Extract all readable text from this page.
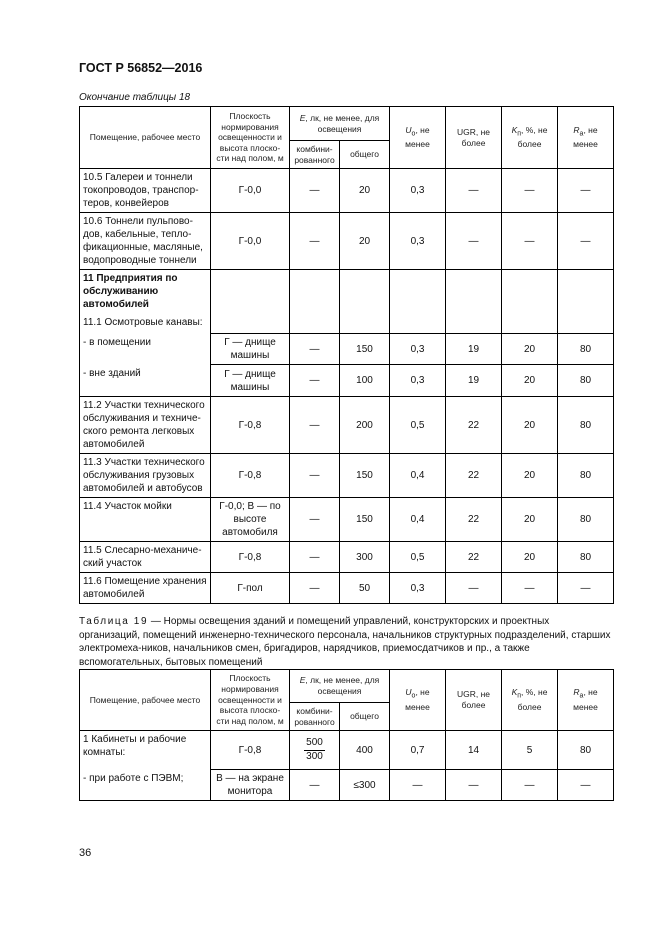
ГОСТ Р 56852—2016
Окончание таблицы 18
Помещение, рабочее место	Плоскость нормирования освещенности и высота плоско-сти над полом, м	E, лк, не менее, для освещения		$U_o$, не менее	UGR, не более	$K_п$, %, не более	$R_a$, не менее
		комбини-рованного	общего				
10.5 Галереи и тоннели токопроводов, транспор-теров, конвейеров	Г-0,0	—	20	0,3	—	—	—
10.6 Тоннели пульпово-дов, кабельные, тепло-фикационные, масляные, водопроводные тоннели	Г-0,0	—	20	0,3	—	—	—

11 Предприятия по обслуживанию автомобилей
11.1 Осмотровые канавы:							

- в помещении	Г — днище машины	—	150	0,3	19	20	80
- вне зданий	Г — днище машины	—	100	0,3	19	20	80
11.2 Участки технического обслуживания и техниче-ского ремонта легковых автомобилей	Г-0,8	—	200	0,5	22	20	80
11.3 Участки технического обслуживания грузовых автомобилей и автобусов	Г-0,8	—	150	0,4	22	20	80
11.4 Участок мойки	Г-0,0; В — по высоте автомобиля	—	150	0,4	22	20	80
11.5 Слесарно-механиче-ский участок	Г-0,8	—	300	0,5	22	20	80
11.6 Помещение хранения автомобилей	Г-пол	—	50	0,3	—	—	—
Таблица 19 — Нормы освещения зданий и помещений управлений, конструкторских и проектных организаций, помещений инженерно-технического персонала, начальников структурных подразделений, старших электромеха-ников, начальников смен, бригадиров, нарядчиков, приемосдатчиков и пр., а также вспомогательных, бытовых помещений
Помещение, рабочее место	Плоскость нормирования освещенности и высота плоско-сти над полом, м	E, лк, не менее, для освещения		$U_o$, не менее	UGR, не более	$K_п$, %, не более	$R_a$, не менее
		комбини-рованного	общего				
1 Кабинеты и рабочие комнаты:	Г-0,8	$\frac{500}{300}$	400	0,7	14	5	80
- при работе с ПЭВМ;	В — на экране монитора	—	≤300	—	—	—	—
36
